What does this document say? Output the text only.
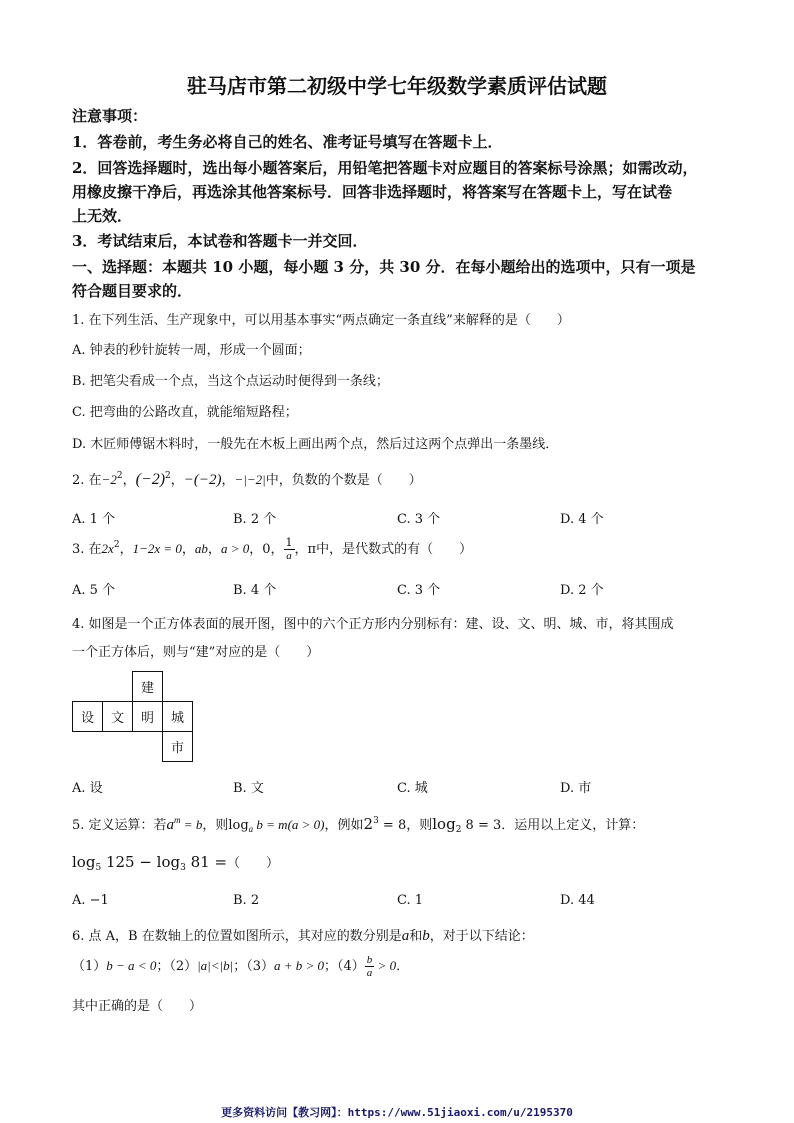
驻马店市第二初级中学七年级数学素质评估试题
注意事项：
1．答卷前，考生务必将自己的姓名、准考证号填写在答题卡上．
2．回答选择题时，选出每小题答案后，用铅笔把答题卡对应题目的答案标号涂黑；如需改动，
用橡皮擦干净后，再选涂其他答案标号．回答非选择题时，将答案写在答题卡上，写在试卷
上无效．
3．考试结束后，本试卷和答题卡一并交回．
一、选择题：本题共 10 小题，每小题 3 分，共 30 分．在每小题给出的选项中，只有一项是
符合题目要求的．
1. 在下列生活、生产现象中，可以用基本事实“两点确定一条直线”来解释的是（　　）
A. 钟表的秒针旋转一周，形成一个圆面；
B. 把笔尖看成一个点，当这个点运动时便得到一条线；
C. 把弯曲的公路改直，就能缩短路程；
D. 木匠师傅锯木料时，一般先在木板上画出两个点，然后过这两个点弹出一条墨线．
2. 在$-2^2$，$(-2)^2$，−(−2)，−|−2|中，负数的个数是（　　）
A. 1 个	B. 2 个	C. 3 个	D. 4 个
3. 在$2x^2$，1−2x = 0，ab，a > 0，0， $\frac{1}{a}$ ，π中，是代数式的有（　　）
A. 5 个	B. 4 个	C. 3 个	D. 2 个
4. 如图是一个正方体表面的展开图，图中的六个正方形内分别标有：建、设、文、明、城、市，将其围成
一个正方体后，则与“建”对应的是（　　）
建
设	文	明	城
市
A. 设	B. 文	C. 城	D. 市
5. 定义运算：若$a^m = b$，则$\log_a b = m(a > 0)$，例如$2^3 = 8$，则$\log_2 8 = 3$．运用以上定义，计算：
$\log_5 125 - \log_3 81$ =（　　）
A. −1	B. 2	C. 1	D. 44
6. 点 A，B 在数轴上的位置如图所示，其对应的数分别是a和b，对于以下结论：
（1）b − a < 0；（2）|a|<|b|；（3）a + b > 0；$(4) \frac{b}{a} > 0$．
其中正确的是（　　）
更多资料访问【教习网】：https://www.51jiaoxi.com/u/2195370
